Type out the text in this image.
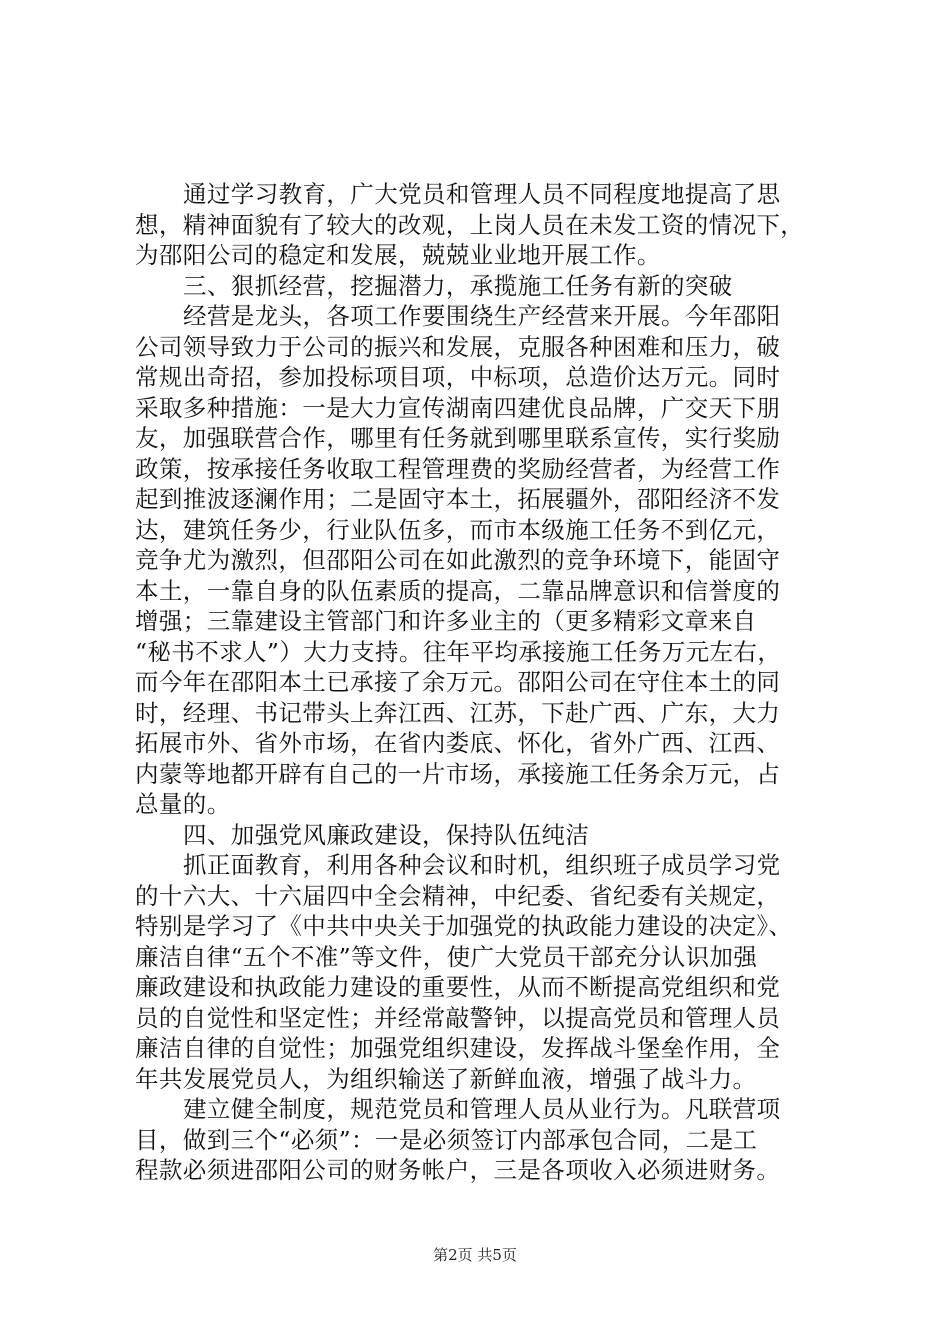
通过学习教育，广大党员和管理人员不同程度地提高了思
想，精神面貌有了较大的改观，上岗人员在未发工资的情况下，
为邵阳公司的稳定和发展，兢兢业业地开展工作。
三、狠抓经营，挖掘潜力，承揽施工任务有新的突破
经营是龙头，各项工作要围绕生产经营来开展。今年邵阳
公司领导致力于公司的振兴和发展，克服各种困难和压力，破
常规出奇招，参加投标项目项，中标项，总造价达万元。同时
采取多种措施：一是大力宣传湖南四建优良品牌，广交天下朋
友，加强联营合作，哪里有任务就到哪里联系宣传，实行奖励
政策，按承接任务收取工程管理费的奖励经营者，为经营工作
起到推波逐澜作用；二是固守本土，拓展疆外，邵阳经济不发
达，建筑任务少，行业队伍多，而市本级施工任务不到亿元，
竞争尤为激烈，但邵阳公司在如此激烈的竞争环境下，能固守
本土，一靠自身的队伍素质的提高，二靠品牌意识和信誉度的
增强；三靠建设主管部门和许多业主的（更多精彩文章来自
“秘书不求人”）大力支持。往年平均承接施工任务万元左右，
而今年在邵阳本土已承接了余万元。邵阳公司在守住本土的同
时，经理、书记带头上奔江西、江苏，下赴广西、广东，大力
拓展市外、省外市场，在省内娄底、怀化，省外广西、江西、
内蒙等地都开辟有自己的一片市场，承接施工任务余万元，占
总量的。
四、加强党风廉政建设，保持队伍纯洁
抓正面教育，利用各种会议和时机，组织班子成员学习党
的十六大、十六届四中全会精神，中纪委、省纪委有关规定，
特别是学习了《中共中央关于加强党的执政能力建设的决定》、
廉洁自律“五个不准”等文件，使广大党员干部充分认识加强
廉政建设和执政能力建设的重要性，从而不断提高党组织和党
员的自觉性和坚定性；并经常敲警钟，以提高党员和管理人员
廉洁自律的自觉性；加强党组织建设，发挥战斗堡垒作用，全
年共发展党员人，为组织输送了新鲜血液，增强了战斗力。
建立健全制度，规范党员和管理人员从业行为。凡联营项
目，做到三个“必须”：一是必须签订内部承包合同，二是工
程款必须进邵阳公司的财务帐户，三是各项收入必须进财务。
第2页 共5页
